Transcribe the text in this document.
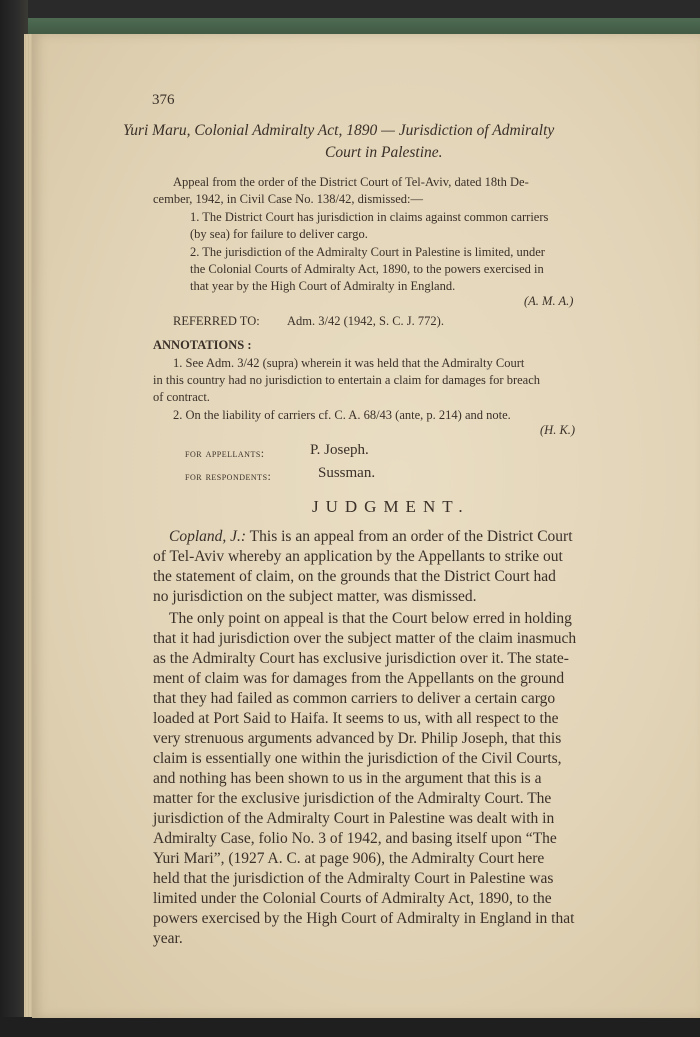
376
Yuri Maru, Colonial Admiralty Act, 1890 — Jurisdiction of Admiralty
Court in Palestine.
Appeal from the order of the District Court of Tel-Aviv, dated 18th De-
cember, 1942, in Civil Case No. 138/42, dismissed:—
1. The District Court has jurisdiction in claims against common carriers
(by sea) for failure to deliver cargo.
2. The jurisdiction of the Admiralty Court in Palestine is limited, under
the Colonial Courts of Admiralty Act, 1890, to the powers exercised in
that year by the High Court of Admiralty in England.
(A. M. A.)
REFERRED TO: Adm. 3/42 (1942, S. C. J. 772).
ANNOTATIONS :
1. See Adm. 3/42 (supra) wherein it was held that the Admiralty Court
in this country had no jurisdiction to entertain a claim for damages for breach
of contract.
2. On the liability of carriers cf. C. A. 68/43 (ante, p. 214) and note.
(H. K.)
for appellants:	P. Joseph.
for respondents:	Sussman.
JUDGMENT.
Copland, J.: This is an appeal from an order of the District Court
of Tel-Aviv whereby an application by the Appellants to strike out
the statement of claim, on the grounds that the District Court had
no jurisdiction on the subject matter, was dismissed.
The only point on appeal is that the Court below erred in holding
that it had jurisdiction over the subject matter of the claim inasmuch
as the Admiralty Court has exclusive jurisdiction over it. The state-
ment of claim was for damages from the Appellants on the ground
that they had failed as common carriers to deliver a certain cargo
loaded at Port Said to Haifa. It seems to us, with all respect to the
very strenuous arguments advanced by Dr. Philip Joseph, that this
claim is essentially one within the jurisdiction of the Civil Courts,
and nothing has been shown to us in the argument that this is a
matter for the exclusive jurisdiction of the Admiralty Court. The
jurisdiction of the Admiralty Court in Palestine was dealt with in
Admiralty Case, folio No. 3 of 1942, and basing itself upon “The
Yuri Mari”, (1927 A. C. at page 906), the Admiralty Court here
held that the jurisdiction of the Admiralty Court in Palestine was
limited under the Colonial Courts of Admiralty Act, 1890, to the
powers exercised by the High Court of Admiralty in England in that
year.
